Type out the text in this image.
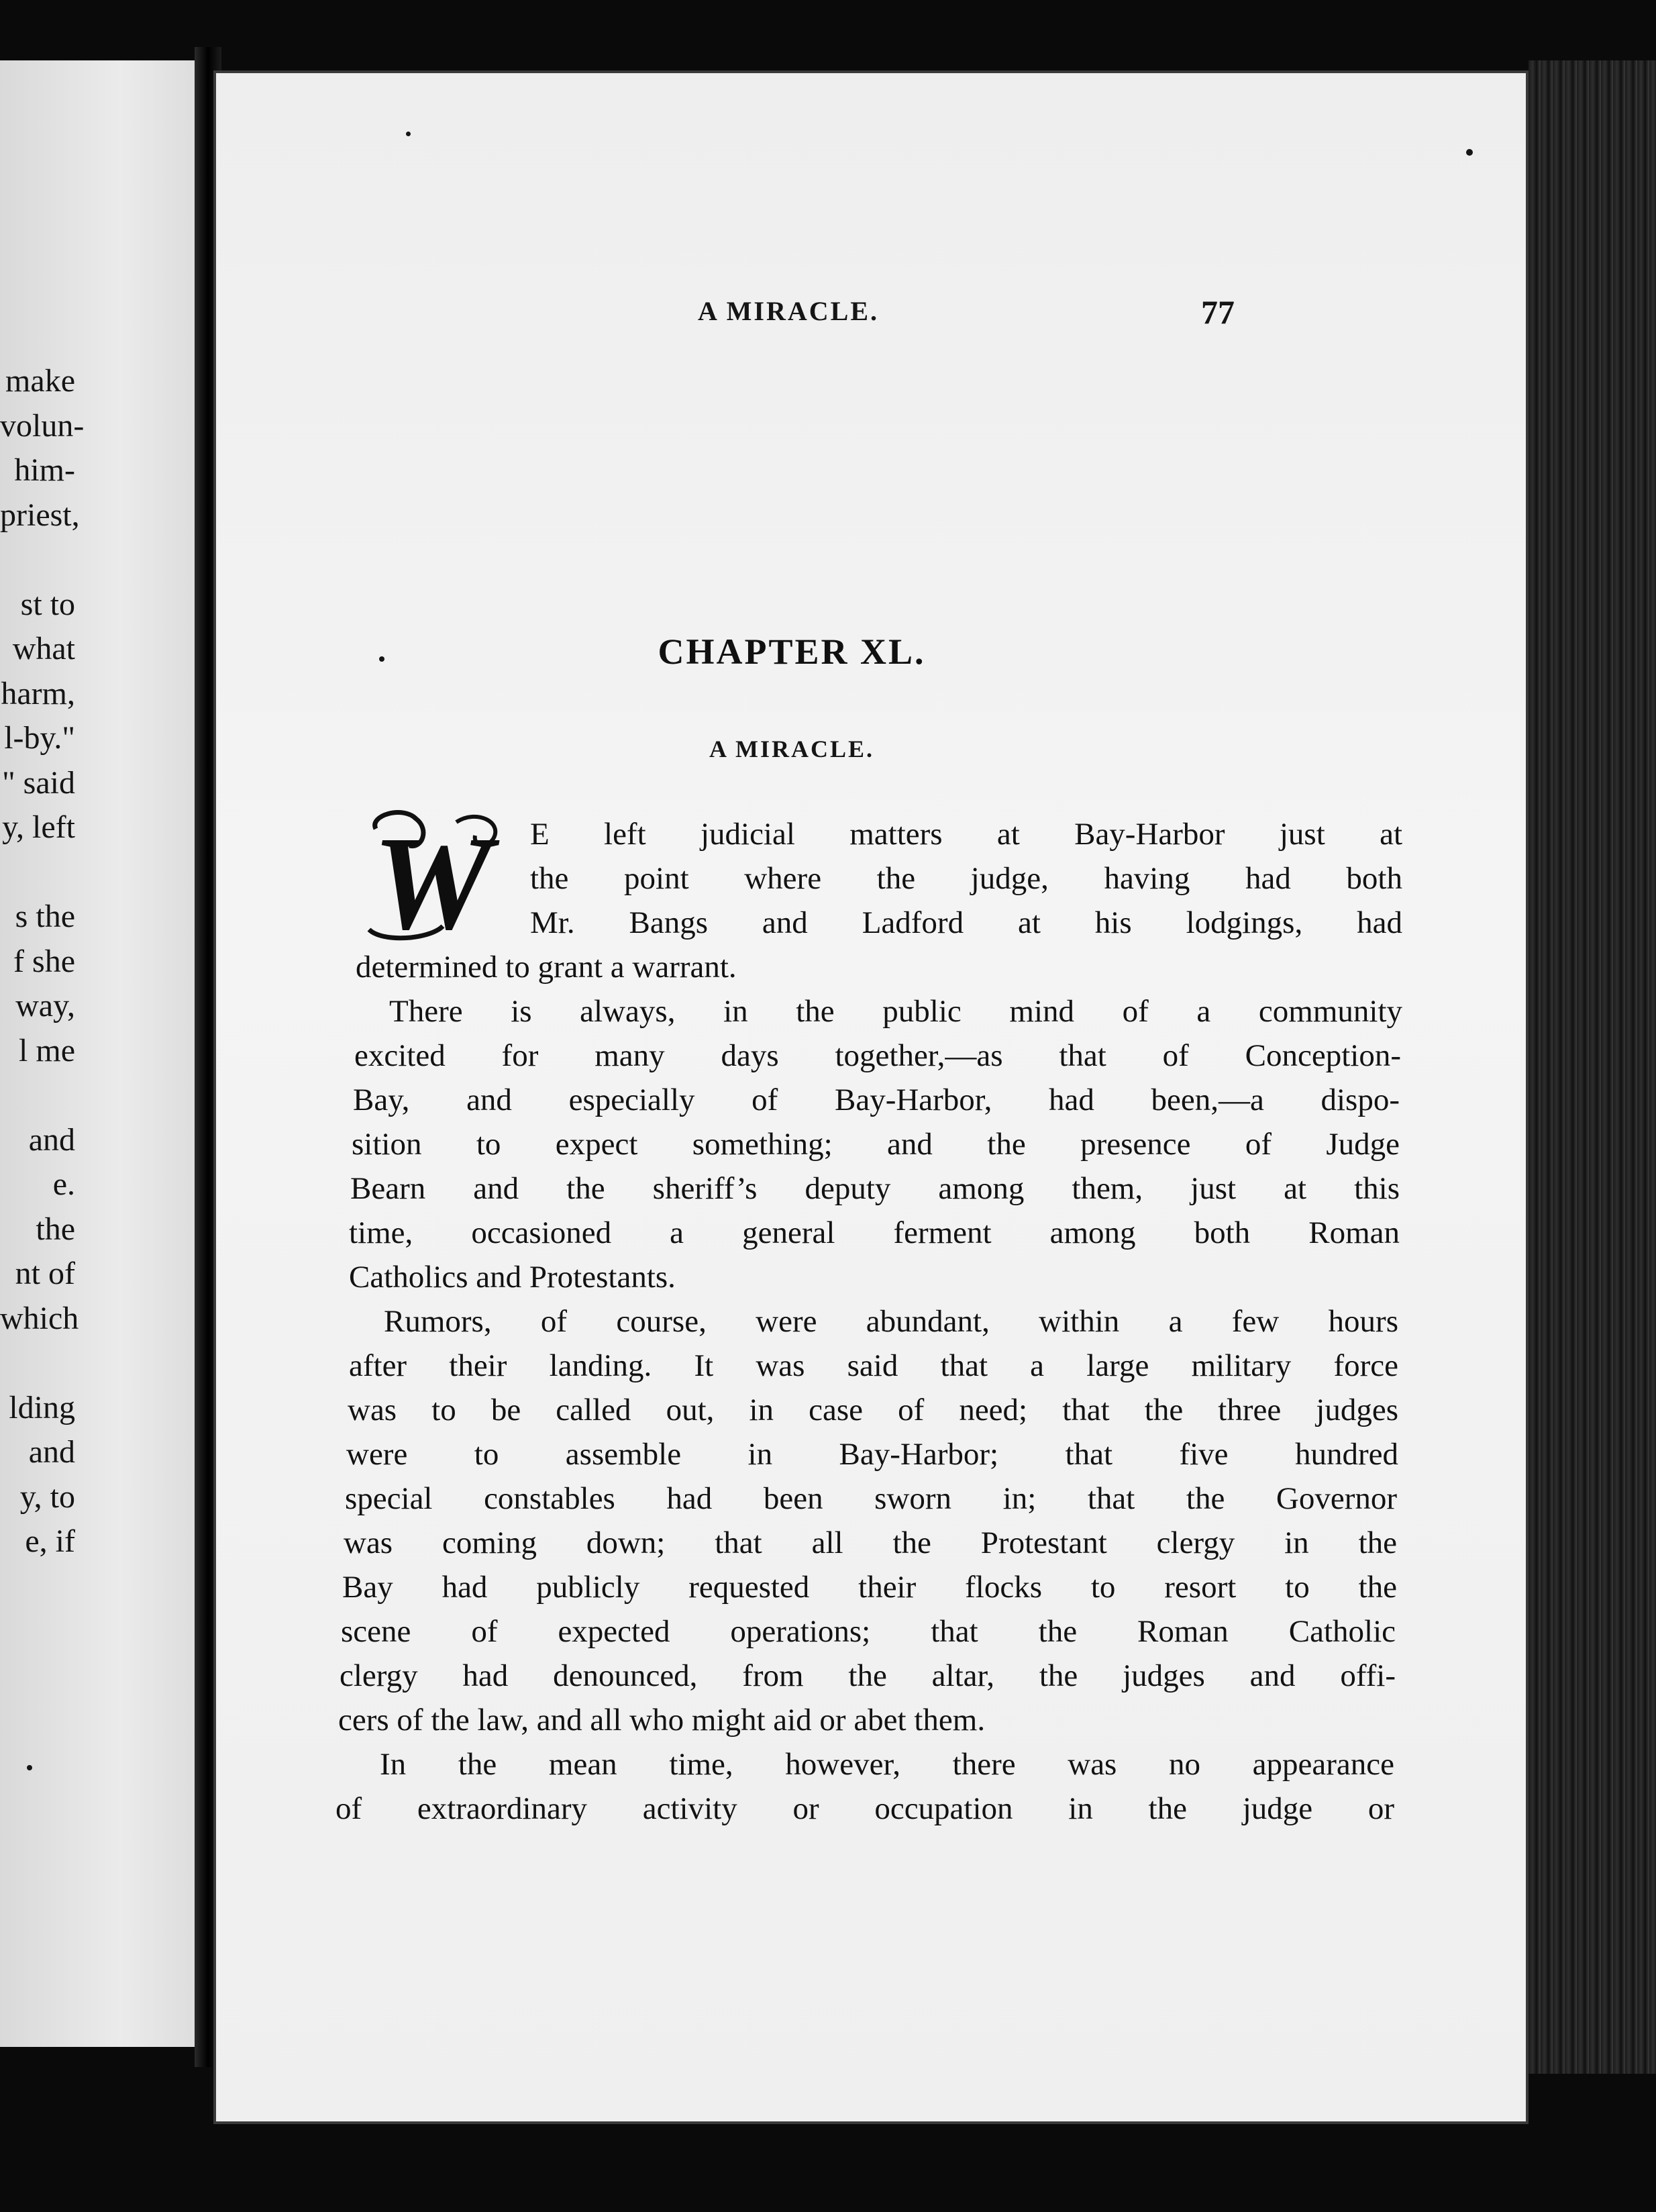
make
volun-
him-
priest,
st to
what
harm,
l-by."
" said
y, left
s the
f she
way,
l me
and
e.
the
nt of
which
lding
and
y, to
e, if
A MIRACLE.	77
CHAPTER XL.
A MIRACLE.
W E left judicial matters at Bay-Harbor just at
the point where the judge, having had both
Mr. Bangs and Ladford at his lodgings, had
determined to grant a warrant.
There is always, in the public mind of a community
excited for many days together,—as that of Conception-
Bay, and especially of Bay-Harbor, had been,—a dispo-
sition to expect something; and the presence of Judge
Bearn and the sheriff’s deputy among them, just at this
time, occasioned a general ferment among both Roman
Catholics and Protestants.
Rumors, of course, were abundant, within a few hours
after their landing. It was said that a large military force
was to be called out, in case of need; that the three judges
were to assemble in Bay-Harbor; that five hundred
special constables had been sworn in; that the Governor
was coming down; that all the Protestant clergy in the
Bay had publicly requested their flocks to resort to the
scene of expected operations; that the Roman Catholic
clergy had denounced, from the altar, the judges and offi-
cers of the law, and all who might aid or abet them.
In the mean time, however, there was no appearance
of extraordinary activity or occupation in the judge or
